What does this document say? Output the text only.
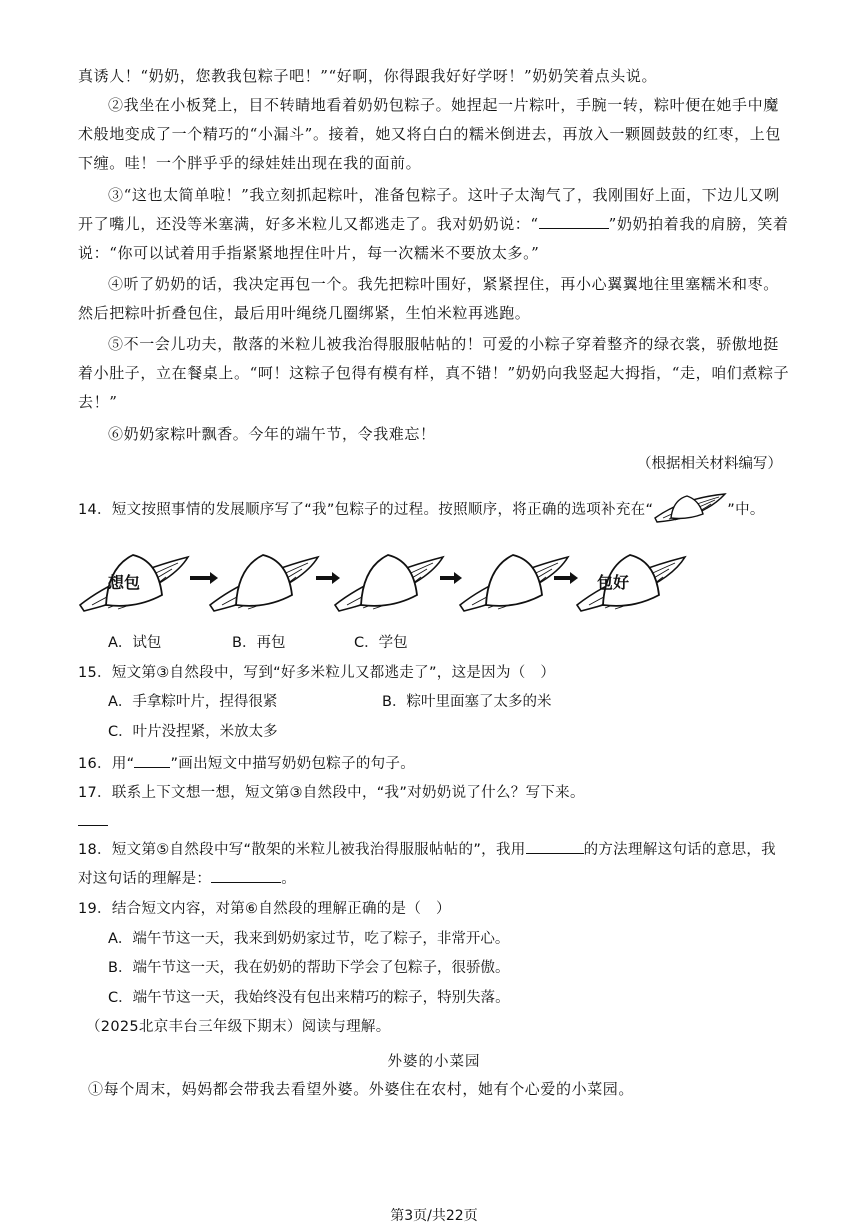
真诱人！“奶奶，您教我包粽子吧！”“好啊，你得跟我好好学呀！”奶奶笑着点头说。
②我坐在小板凳上，目不转睛地看着奶奶包粽子。她捏起一片粽叶，手腕一转，粽叶便在她手中魔术般地变成了一个精巧的“小漏斗”。接着，她又将白白的糯米倒进去，再放入一颗圆鼓鼓的红枣，上包下缠。哇！一个胖乎乎的绿娃娃出现在我的面前。
③“这也太简单啦！”我立刻抓起粽叶，准备包粽子。这叶子太淘气了，我刚围好上面，下边儿又咧开了嘴儿，还没等米塞满，好多米粒儿又都逃走了。我对奶奶说：“	”奶奶拍着我的肩膀，笑着说：“你可以试着用手指紧紧地捏住叶片，每一次糯米不要放太多。”
④听了奶奶的话，我决定再包一个。我先把粽叶围好，紧紧捏住，再小心翼翼地往里塞糯米和枣。然后把粽叶折叠包住，最后用叶绳绕几圈绑紧，生怕米粒再逃跑。
⑤不一会儿功夫，散落的米粒儿被我治得服服帖帖的！可爱的小粽子穿着整齐的绿衣裳，骄傲地挺着小肚子，立在餐桌上。“呵！这粽子包得有模有样，真不错！”奶奶向我竖起大拇指，“走，咱们煮粽子去！”
⑥奶奶家粽叶飘香。今年的端午节，令我难忘！
（根据相关材料编写）
14．短文按照事情的发展顺序写了“我”包粽子的过程。按照顺序，将正确的选项补充在“	”中。
想包	包好
A．试包	B．再包	C．学包
15．短文第③自然段中，写到“好多米粒儿又都逃走了”，这是因为（　）
A．手拿粽叶片，捏得很紧	B．粽叶里面塞了太多的米
C．叶片没捏紧，米放太多
16．用“ ”画出短文中描写奶奶包粽子的句子。
17．联系上下文想一想，短文第③自然段中，“我”对奶奶说了什么？写下来。
18．短文第⑤自然段中写“散架的米粒儿被我治得服服帖帖的”，我用	的方法理解这句话的意思，我
对这句话的理解是：	。
19．结合短文内容，对第⑥自然段的理解正确的是（　）
A．端午节这一天，我来到奶奶家过节，吃了粽子，非常开心。
B．端午节这一天，我在奶奶的帮助下学会了包粽子，很骄傲。
C．端午节这一天，我始终没有包出来精巧的粽子，特别失落。
（2025北京丰台三年级下期末）阅读与理解。
外婆的小菜园
①每个周末，妈妈都会带我去看望外婆。外婆住在农村，她有个心爱的小菜园。
第3页/共22页
